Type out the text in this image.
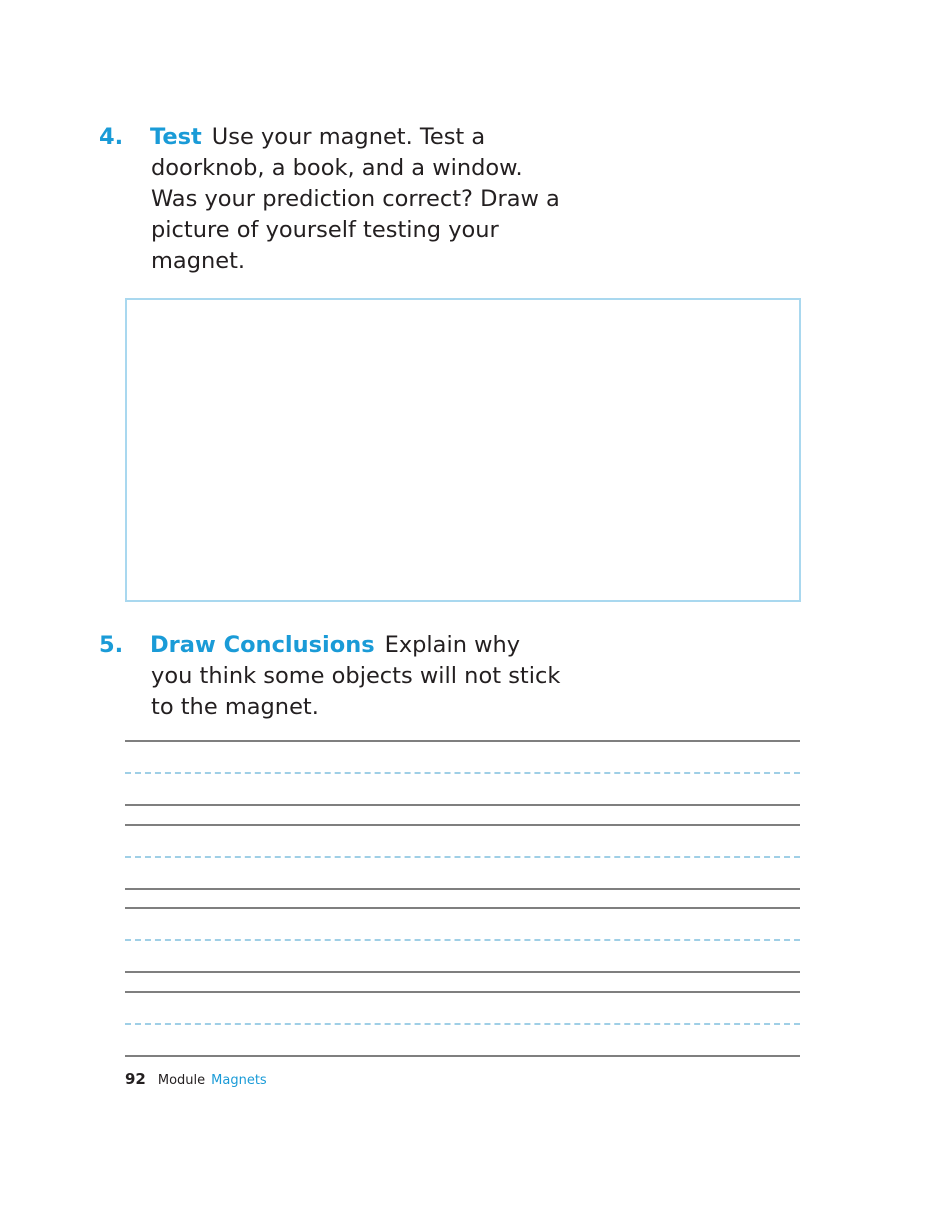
4. Test Use your magnet. Test a doorknob, a book, and a window. Was your prediction correct? Draw a picture of yourself testing your magnet.
5. Draw Conclusions Explain why you think some objects will not stick to the magnet.
92 Module Magnets
